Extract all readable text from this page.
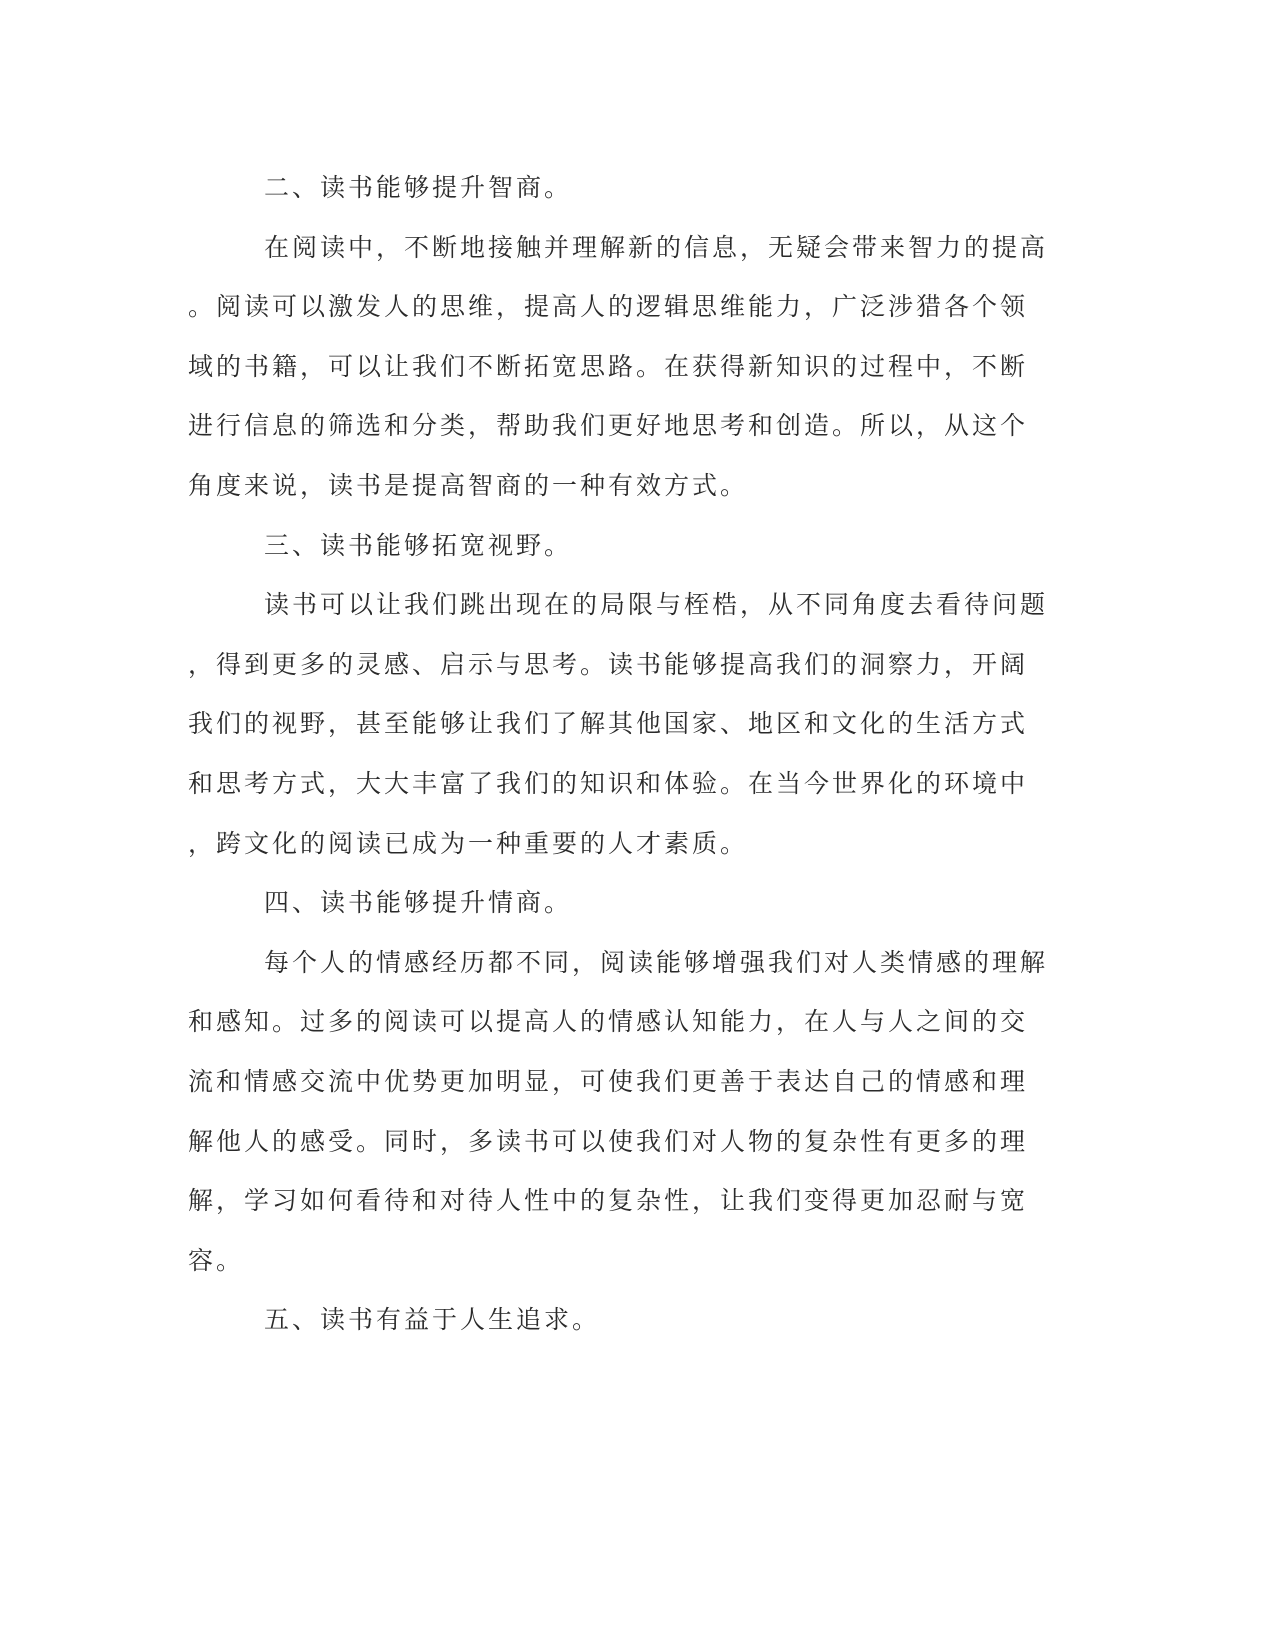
二、读书能够提升智商。
在阅读中，不断地接触并理解新的信息，无疑会带来智力的提高
。阅读可以激发人的思维，提高人的逻辑思维能力，广泛涉猎各个领
域的书籍，可以让我们不断拓宽思路。在获得新知识的过程中，不断
进行信息的筛选和分类，帮助我们更好地思考和创造。所以，从这个
角度来说，读书是提高智商的一种有效方式。
三、读书能够拓宽视野。
读书可以让我们跳出现在的局限与桎梏，从不同角度去看待问题
，得到更多的灵感、启示与思考。读书能够提高我们的洞察力，开阔
我们的视野，甚至能够让我们了解其他国家、地区和文化的生活方式
和思考方式，大大丰富了我们的知识和体验。在当今世界化的环境中
，跨文化的阅读已成为一种重要的人才素质。
四、读书能够提升情商。
每个人的情感经历都不同，阅读能够增强我们对人类情感的理解
和感知。过多的阅读可以提高人的情感认知能力，在人与人之间的交
流和情感交流中优势更加明显，可使我们更善于表达自己的情感和理
解他人的感受。同时，多读书可以使我们对人物的复杂性有更多的理
解，学习如何看待和对待人性中的复杂性，让我们变得更加忍耐与宽
容。
五、读书有益于人生追求。
